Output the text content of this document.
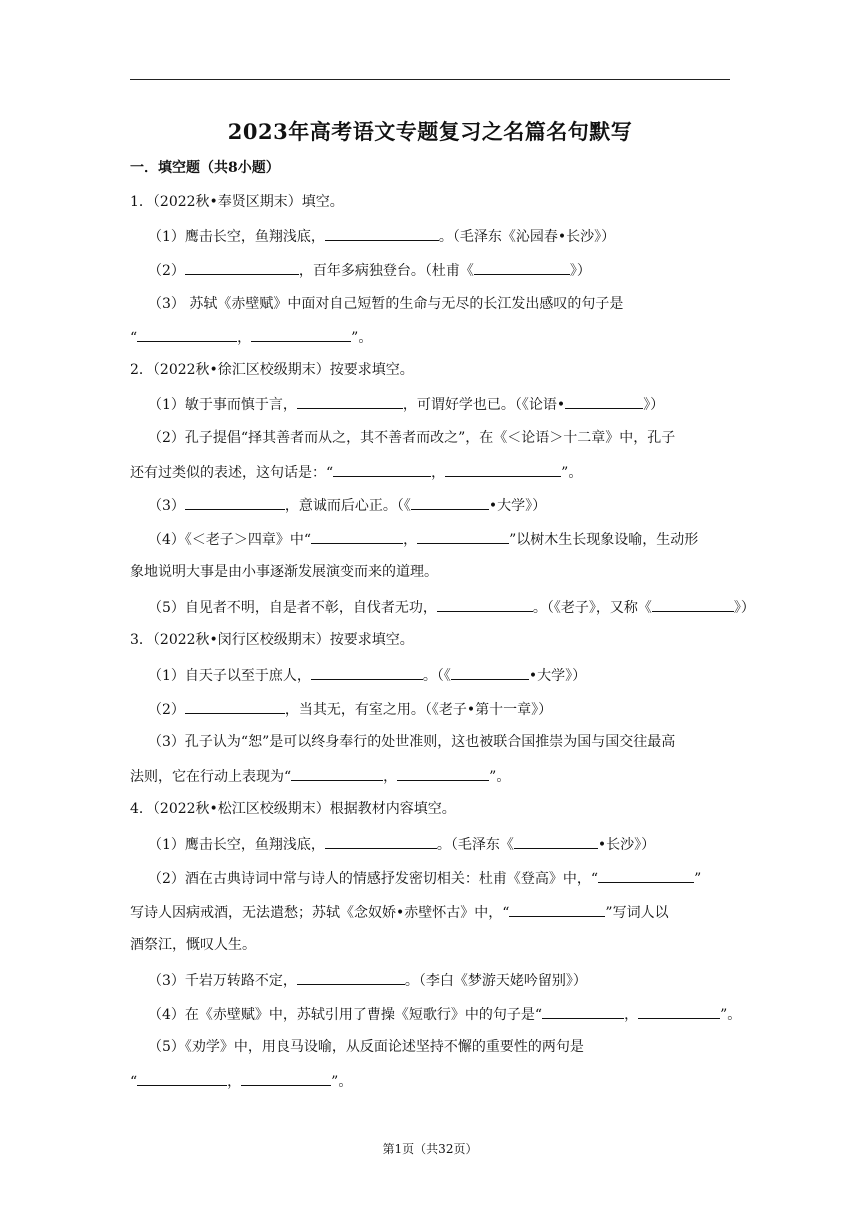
2023年高考语文专题复习之名篇名句默写
一．填空题（共8小题）
1．（2022秋•奉贤区期末）填空。
（1）鹰击长空，鱼翔浅底，	。（毛泽东《沁园春•长沙》）
（2）	，百年多病独登台。（杜甫《	》）
（3） 苏轼《赤壁赋》中面对自己短暂的生命与无尽的长江发出感叹的句子是
“	，	”。
2．（2022秋•徐汇区校级期末）按要求填空。
（1）敏于事而慎于言，	，可谓好学也已。（《论语•	》）
（2）孔子提倡“择其善者而从之，其不善者而改之”，在《＜论语＞十二章》中，孔子
还有过类似的表述，这句话是：“	，	”。
（3）	，意诚而后心正。（《	•大学》）
（4）《＜老子＞四章》中“	，	”以树木生长现象设喻，生动形
象地说明大事是由小事逐渐发展演变而来的道理。
（5）自见者不明，自是者不彰，自伐者无功，	。（《老子》，又称《	》）
3．（2022秋•闵行区校级期末）按要求填空。
（1）自天子以至于庶人，	。（《	•大学》）
（2）	，当其无，有室之用。（《老子•第十一章》）
（3）孔子认为“恕”是可以终身奉行的处世准则，这也被联合国推崇为国与国交往最高
法则，它在行动上表现为“	，	”。
4．（2022秋•松江区校级期末）根据教材内容填空。
（1）鹰击长空，鱼翔浅底，	。（毛泽东《	•长沙》）
（2）酒在古典诗词中常与诗人的情感抒发密切相关：杜甫《登高》中，“	”
写诗人因病戒酒，无法遣愁；苏轼《念奴娇•赤壁怀古》中，“	”写词人以
酒祭江，慨叹人生。
（3）千岩万转路不定，	。（李白《梦游天姥吟留别》）
（4）在《赤壁赋》中，苏轼引用了曹操《短歌行》中的句子是“	，	”。
（5）《劝学》中，用良马设喻，从反面论述坚持不懈的重要性的两句是
“	，	”。
第1页（共32页）
